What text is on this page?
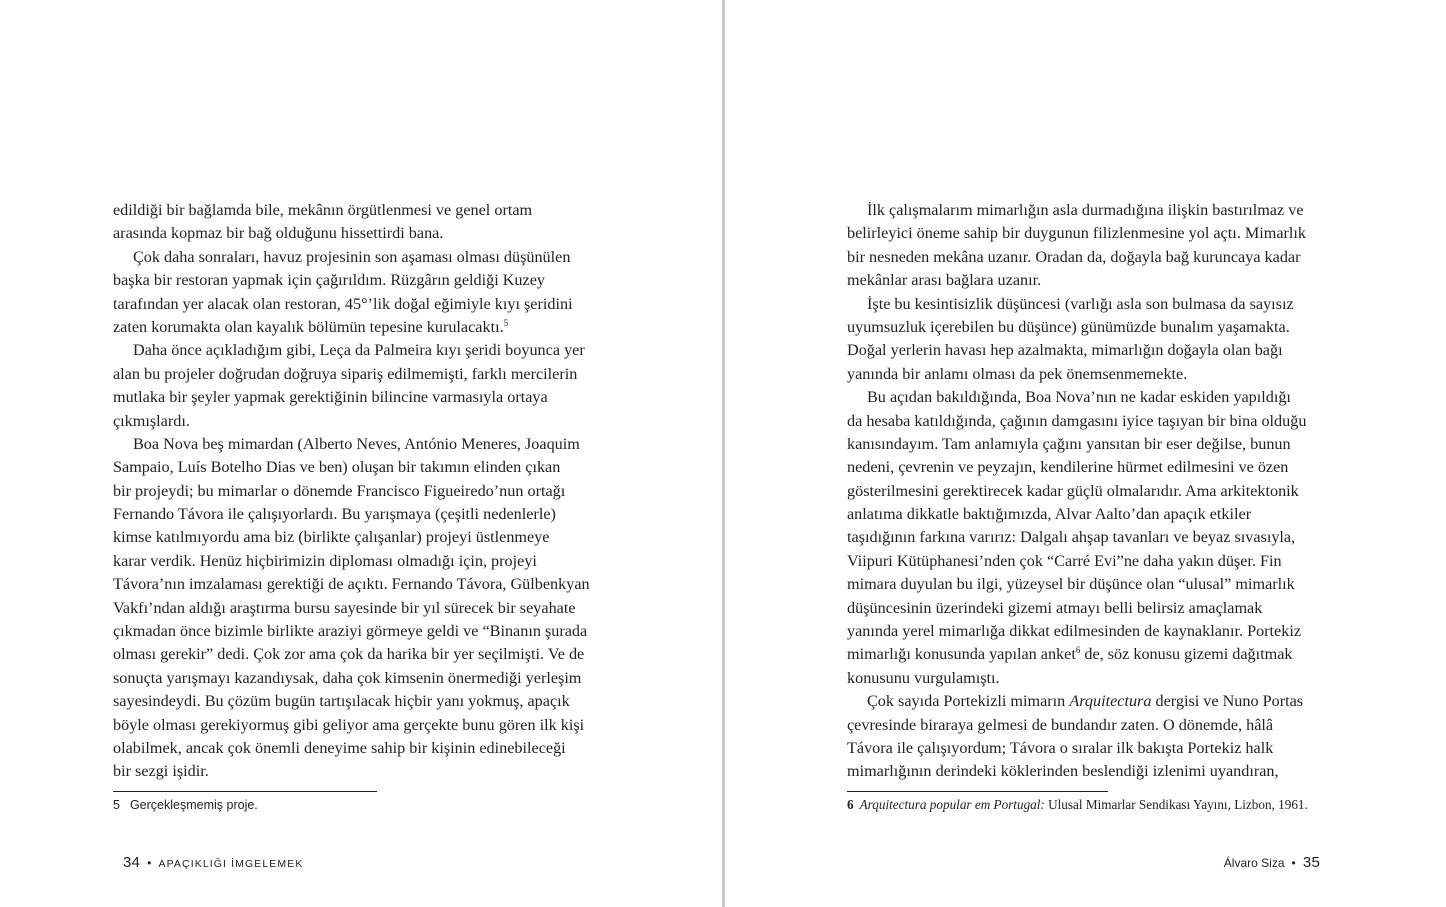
edildiği bir bağlamda bile, mekânın örgütlenmesi ve genel ortam
arasında kopmaz bir bağ olduğunu hissettirdi bana.
Çok daha sonraları, havuz projesinin son aşaması olması düşünülen
başka bir restoran yapmak için çağırıldım. Rüzgârın geldiği Kuzey
tarafından yer alacak olan restoran, 45°’lik doğal eğimiyle kıyı şeridini
zaten korumakta olan kayalık bölümün tepesine kurulacaktı.$^5$
Daha önce açıkladığım gibi, Leça da Palmeira kıyı şeridi boyunca yer
alan bu projeler doğrudan doğruya sipariş edilmemişti, farklı mercilerin
mutlaka bir şeyler yapmak gerektiğinin bilincine varmasıyla ortaya
çıkmışlardı.
Boa Nova beş mimardan (Alberto Neves, António Meneres, Joaquim
Sampaio, Luís Botelho Dias ve ben) oluşan bir takımın elinden çıkan
bir projeydi; bu mimarlar o dönemde Francisco Figueiredo’nun ortağı
Fernando Távora ile çalışıyorlardı. Bu yarışmaya (çeşitli nedenlerle)
kimse katılmıyordu ama biz (birlikte çalışanlar) projeyi üstlenmeye
karar verdik. Henüz hiçbirimizin diploması olmadığı için, projeyi
Távora’nın imzalaması gerektiği de açıktı. Fernando Távora, Gülbenkyan
Vakfı’ndan aldığı araştırma bursu sayesinde bir yıl sürecek bir seyahate
çıkmadan önce bizimle birlikte araziyi görmeye geldi ve “Binanın şurada
olması gerekir” dedi. Çok zor ama çok da harika bir yer seçilmişti. Ve de
sonuçta yarışmayı kazandıysak, daha çok kimsenin önermediği yerleşim
sayesindeydi. Bu çözüm bugün tartışılacak hiçbir yanı yokmuş, apaçık
böyle olması gerekiyormuş gibi geliyor ama gerçekte bunu gören ilk kişi
olabilmek, ancak çok önemli deneyime sahip bir kişinin edinebileceği
bir sezgi işidir.
5 Gerçekleşmemiş proje.
34 • APAÇIKLIĞI İMGELEMEK
İlk çalışmalarım mimarlığın asla durmadığına ilişkin bastırılmaz ve
belirleyici öneme sahip bir duygunun filizlenmesine yol açtı. Mimarlık
bir nesneden mekâna uzanır. Oradan da, doğayla bağ kuruncaya kadar
mekânlar arası bağlara uzanır.
İşte bu kesintisizlik düşüncesi (varlığı asla son bulmasa da sayısız
uyumsuzluk içerebilen bu düşünce) günümüzde bunalım yaşamakta.
Doğal yerlerin havası hep azalmakta, mimarlığın doğayla olan bağı
yanında bir anlamı olması da pek önemsenmemekte.
Bu açıdan bakıldığında, Boa Nova’nın ne kadar eskiden yapıldığı
da hesaba katıldığında, çağının damgasını iyice taşıyan bir bina olduğu
kanısındayım. Tam anlamıyla çağını yansıtan bir eser değilse, bunun
nedeni, çevrenin ve peyzajın, kendilerine hürmet edilmesini ve özen
gösterilmesini gerektirecek kadar güçlü olmalarıdır. Ama arkitektonik
anlatıma dikkatle baktığımızda, Alvar Aalto’dan apaçık etkiler
taşıdığının farkına varırız: Dalgalı ahşap tavanları ve beyaz sıvasıyla,
Viipuri Kütüphanesi’nden çok “Carré Evi”ne daha yakın düşer. Fin
mimara duyulan bu ilgi, yüzeysel bir düşünce olan “ulusal” mimarlık
düşüncesinin üzerindeki gizemi atmayı belli belirsiz amaçlamak
yanında yerel mimarlığa dikkat edilmesinden de kaynaklanır. Portekiz
mimarlığı konusunda yapılan anket$^6$ de, söz konusu gizemi dağıtmak
konusunu vurgulamıştı.
Çok sayıda Portekizli mimarın Arquitectura dergisi ve Nuno Portas
çevresinde biraraya gelmesi de bundandır zaten. O dönemde, hâlâ
Távora ile çalışıyordum; Távora o sıralar ilk bakışta Portekiz halk
mimarlığının derindeki köklerinden beslendiği izlenimi uyandıran,
6 Arquitectura popular em Portugal: Ulusal Mimarlar Sendikası Yayını, Lizbon, 1961.
Álvaro Siza • 35
